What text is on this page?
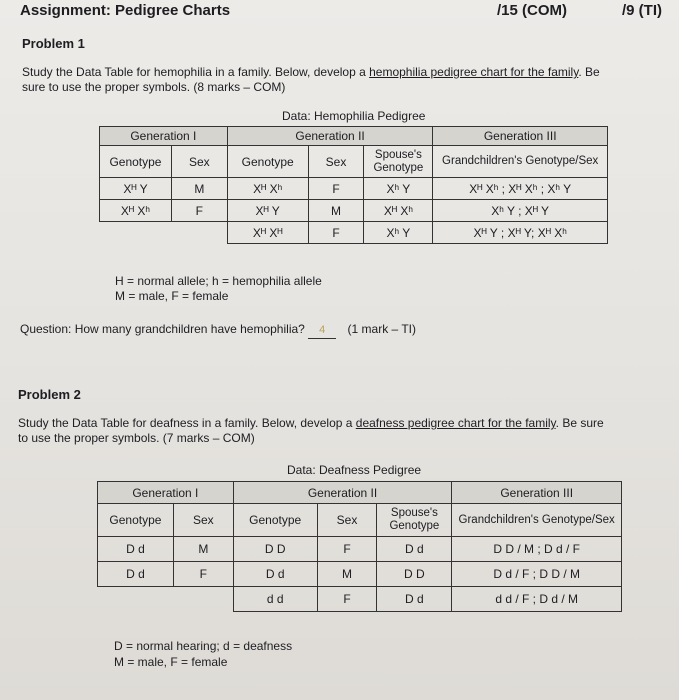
Assignment: Pedigree Charts	/15 (COM)	/9 (TI)
Problem 1
Study the Data Table for hemophilia in a family. Below, develop a hemophilia pedigree chart for the family. Be
sure to use the proper symbols. (8 marks – COM)
Data: Hemophilia Pedigree
Generation I		Generation II			Generation III
Genotype	Sex	Genotype	Sex	Spouse's Genotype	Grandchildren's Genotype/Sex
Xᴴ Y	M	Xᴴ Xʰ	F	Xʰ Y	Xᴴ Xʰ ; Xᴴ Xʰ ; Xʰ Y
Xᴴ Xʰ	F	Xᴴ Y	M	Xᴴ Xʰ	Xʰ Y ; Xᴴ Y
		Xᴴ Xᴴ	F	Xʰ Y	Xᴴ Y ; Xᴴ Y; Xᴴ Xʰ
H = normal allele; h = hemophilia allele
M = male, F = female
Question: How many grandchildren have hemophilia? 4 (1 mark – TI)
Problem 2
Study the Data Table for deafness in a family. Below, develop a deafness pedigree chart for the family. Be sure
to use the proper symbols. (7 marks – COM)
Data: Deafness Pedigree
Generation I		Generation II			Generation III
Genotype	Sex	Genotype	Sex	Spouse's Genotype	Grandchildren's Genotype/Sex
D d	M	D D	F	D d	D D / M ; D d / F
D d	F	D d	M	D D	D d / F ; D D / M
		d d	F	D d	d d / F ; D d / M
D = normal hearing; d = deafness
M = male, F = female
